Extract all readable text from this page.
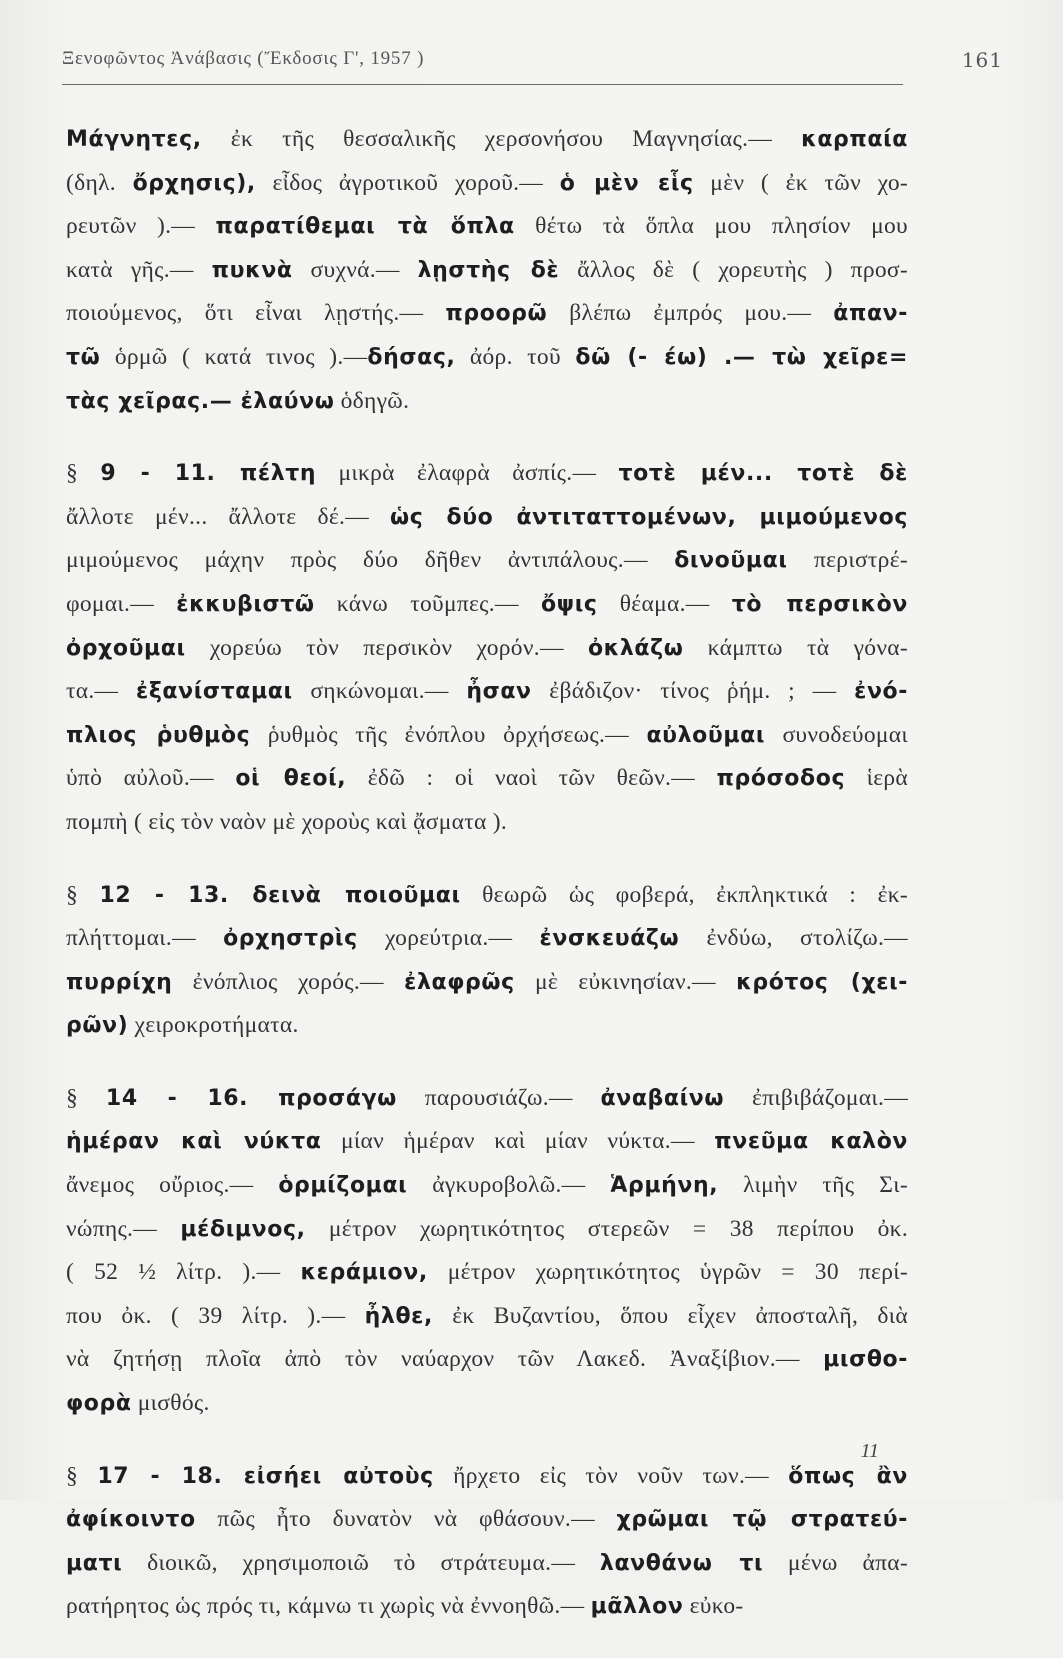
Ξενοφῶντος Ἀνάβασις (Ἔκδοσις Γ', 1957 )	161
Μάγνητες, ἐκ τῆς θεσσαλικῆς χερσονήσου Μαγνησίας.— καρπαία
(δηλ. ὄρχησις), εἶδος ἀγροτικοῦ χοροῦ.— ὁ μὲν εἷς μὲν ( ἐκ τῶν χο-
ρευτῶν ).— παρατίθεμαι τὰ ὅπλα θέτω τὰ ὅπλα μου πλησίον μου
κατὰ γῆς.— πυκνὰ συχνά.— λῃστὴς δὲ ἄλλος δὲ ( χορευτὴς ) προσ-
ποιούμενος, ὅτι εἶναι λῃστής.— προορῶ βλέπω ἐμπρός μου.— ἀπαν-
τῶ ὁρμῶ ( κατά τινος ).—δήσας, ἀόρ. τοῦ δῶ (- έω) .— τὼ χεῖρε=
τὰς χεῖρας.— ἐλαύνω ὁδηγῶ.
§ 9 - 11. πέλτη μικρὰ ἐλαφρὰ ἀσπίς.— τοτὲ μέν... τοτὲ δὲ
ἄλλοτε μέν... ἄλλοτε δέ.— ὡς δύο ἀντιταττομένων, μιμούμενος
μιμούμενος μάχην πρὸς δύο δῆθεν ἀντιπάλους.— δινοῦμαι περιστρέ-
φομαι.— ἐκκυβιστῶ κάνω τοῦμπες.— ὄψις θέαμα.— τὸ περσικὸν
ὀρχοῦμαι χορεύω τὸν περσικὸν χορόν.— ὀκλάζω κάμπτω τὰ γόνα-
τα.— ἐξανίσταμαι σηκώνομαι.— ἦσαν ἐβάδιζον· τίνος ῥήμ. ; — ἐνό-
πλιος ῥυθμὸς ῥυθμὸς τῆς ἐνόπλου ὀρχήσεως.— αὐλοῦμαι συνοδεύομαι
ὑπὸ αὐλοῦ.— οἱ θεοί, ἐδῶ : οἱ ναοὶ τῶν θεῶν.— πρόσοδος ἱερὰ
πομπὴ ( εἰς τὸν ναὸν μὲ χοροὺς καὶ ᾄσματα ).
§ 12 - 13. δεινὰ ποιοῦμαι θεωρῶ ὡς φοβερά, ἐκπληκτικά : ἐκ-
πλήττομαι.— ὀρχηστρὶς χορεύτρια.— ἐνσκευάζω ἐνδύω, στολίζω.—
πυρρίχη ἐνόπλιος χορός.— ἐλαφρῶς μὲ εὐκινησίαν.— κρότος (χει-
ρῶν) χειροκροτήματα.
§ 14 - 16. προσάγω παρουσιάζω.— ἀναβαίνω ἐπιβιβάζομαι.—
ἡμέραν καὶ νύκτα μίαν ἡμέραν καὶ μίαν νύκτα.— πνεῦμα καλὸν
ἄνεμος οὔριος.— ὁρμίζομαι ἀγκυροβολῶ.— Ἁρμήνη, λιμὴν τῆς Σι-
νώπης.— μέδιμνος, μέτρον χωρητικότητος στερεῶν = 38 περίπου ὀκ.
( 52 ½ λίτρ. ).— κεράμιον, μέτρον χωρητικότητος ὑγρῶν = 30 περί-
που ὀκ. ( 39 λίτρ. ).— ἦλθε, ἐκ Βυζαντίου, ὅπου εἶχεν ἀποσταλῆ, διὰ
νὰ ζητήσῃ πλοῖα ἀπὸ τὸν ναύαρχον τῶν Λακεδ. Ἀναξίβιον.— μισθο-
φορὰ μισθός.
§ 17 - 18. εἰσήει αὐτοὺς ἤρχετο εἰς τὸν νοῦν των.— ὅπως ἂν
ἀφίκοιντο πῶς ἦτο δυνατὸν νὰ φθάσουν.— χρῶμαι τῷ στρατεύ-
ματι διοικῶ, χρησιμοποιῶ τὸ στράτευμα.— λανθάνω τι μένω ἀπα-
ρατήρητος ὡς πρός τι, κάμνω τι χωρὶς νὰ ἐννοηθῶ.— μᾶλλον εὐκο-
11
